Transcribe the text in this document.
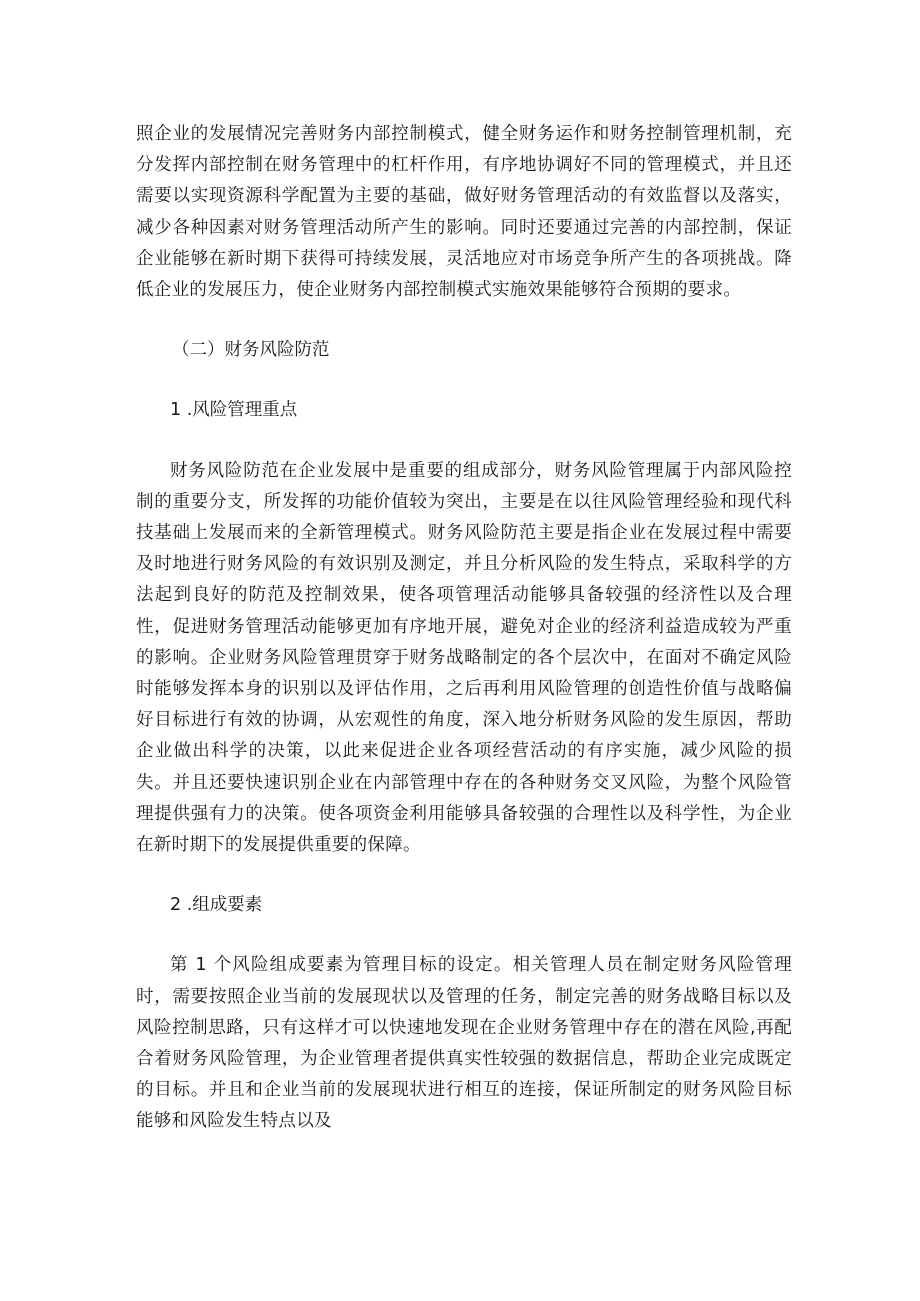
照企业的发展情况完善财务内部控制模式，健全财务运作和财务控制管理机制，充分发挥内部控制在财务管理中的杠杆作用，有序地协调好不同的管理模式，并且还需要以实现资源科学配置为主要的基础，做好财务管理活动的有效监督以及落实，减少各种因素对财务管理活动所产生的影响。同时还要通过完善的内部控制，保证企业能够在新时期下获得可持续发展，灵活地应对市场竞争所产生的各项挑战。降低企业的发展压力，使企业财务内部控制模式实施效果能够符合预期的要求。

（二）财务风险防范
1 .风险管理重点

财务风险防范在企业发展中是重要的组成部分，财务风险管理属于内部风险控制的重要分支，所发挥的功能价值较为突出，主要是在以往风险管理经验和现代科技基础上发展而来的全新管理模式。财务风险防范主要是指企业在发展过程中需要及时地进行财务风险的有效识别及测定，并且分析风险的发生特点，采取科学的方法起到良好的防范及控制效果，使各项管理活动能够具备较强的经济性以及合理性，促进财务管理活动能够更加有序地开展，避免对企业的经济利益造成较为严重的影响。企业财务风险管理贯穿于财务战略制定的各个层次中，在面对不确定风险时能够发挥本身的识别以及评估作用，之后再利用风险管理的创造性价值与战略偏好目标进行有效的协调，从宏观性的角度，深入地分析财务风险的发生原因，帮助企业做出科学的决策，以此来促进企业各项经营活动的有序实施，减少风险的损失。并且还要快速识别企业在内部管理中存在的各种财务交叉风险，为整个风险管理提供强有力的决策。使各项资金利用能够具备较强的合理性以及科学性，为企业在新时期下的发展提供重要的保障。

2 .组成要素

第 1 个风险组成要素为管理目标的设定。相关管理人员在制定财务风险管理时，需要按照企业当前的发展现状以及管理的任务，制定完善的财务战略目标以及风险控制思路，只有这样才可以快速地发现在企业财务管理中存在的潜在风险,再配合着财务风险管理，为企业管理者提供真实性较强的数据信息，帮助企业完成既定的目标。并且和企业当前的发展现状进行相互的连接，保证所制定的财务风险目标能够和风险发生特点以及
